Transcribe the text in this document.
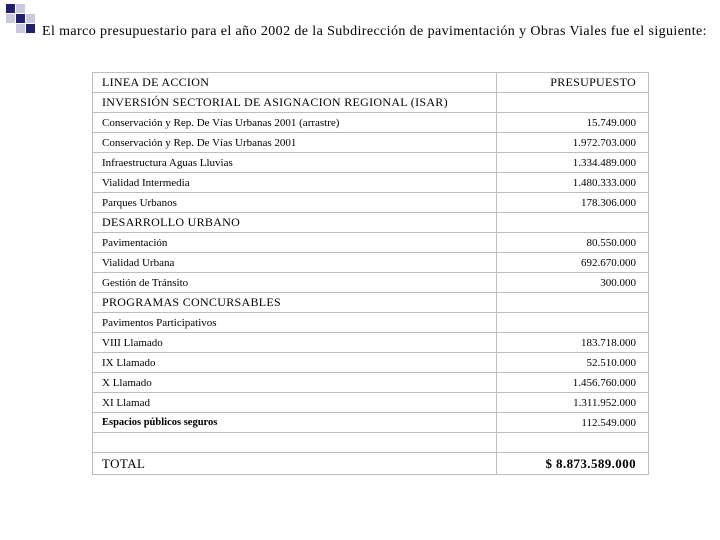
El marco presupuestario para el año 2002 de la Subdirección de pavimentación y Obras Viales fue el siguiente:
LINEA DE ACCION	PRESUPUESTO
INVERSIÓN SECTORIAL DE ASIGNACION REGIONAL (ISAR)	
Conservación y Rep. De Vías Urbanas 2001 (arrastre)	15.749.000
Conservación y Rep. De Vías Urbanas 2001	1.972.703.000
Infraestructura Aguas Lluvias	1.334.489.000
Vialidad Intermedia	1.480.333.000
Parques Urbanos	178.306.000
DESARROLLO URBANO	
Pavimentación	80.550.000
Vialidad Urbana	692.670.000
Gestión de Tránsito	300.000
PROGRAMAS CONCURSABLES	
Pavimentos Participativos	
VIII Llamado	183.718.000
IX Llamado	52.510.000
X Llamado	1.456.760.000
XI Llamad	1.311.952.000
Espacios públicos seguros	112.549.000

TOTAL	$ 8.873.589.000
